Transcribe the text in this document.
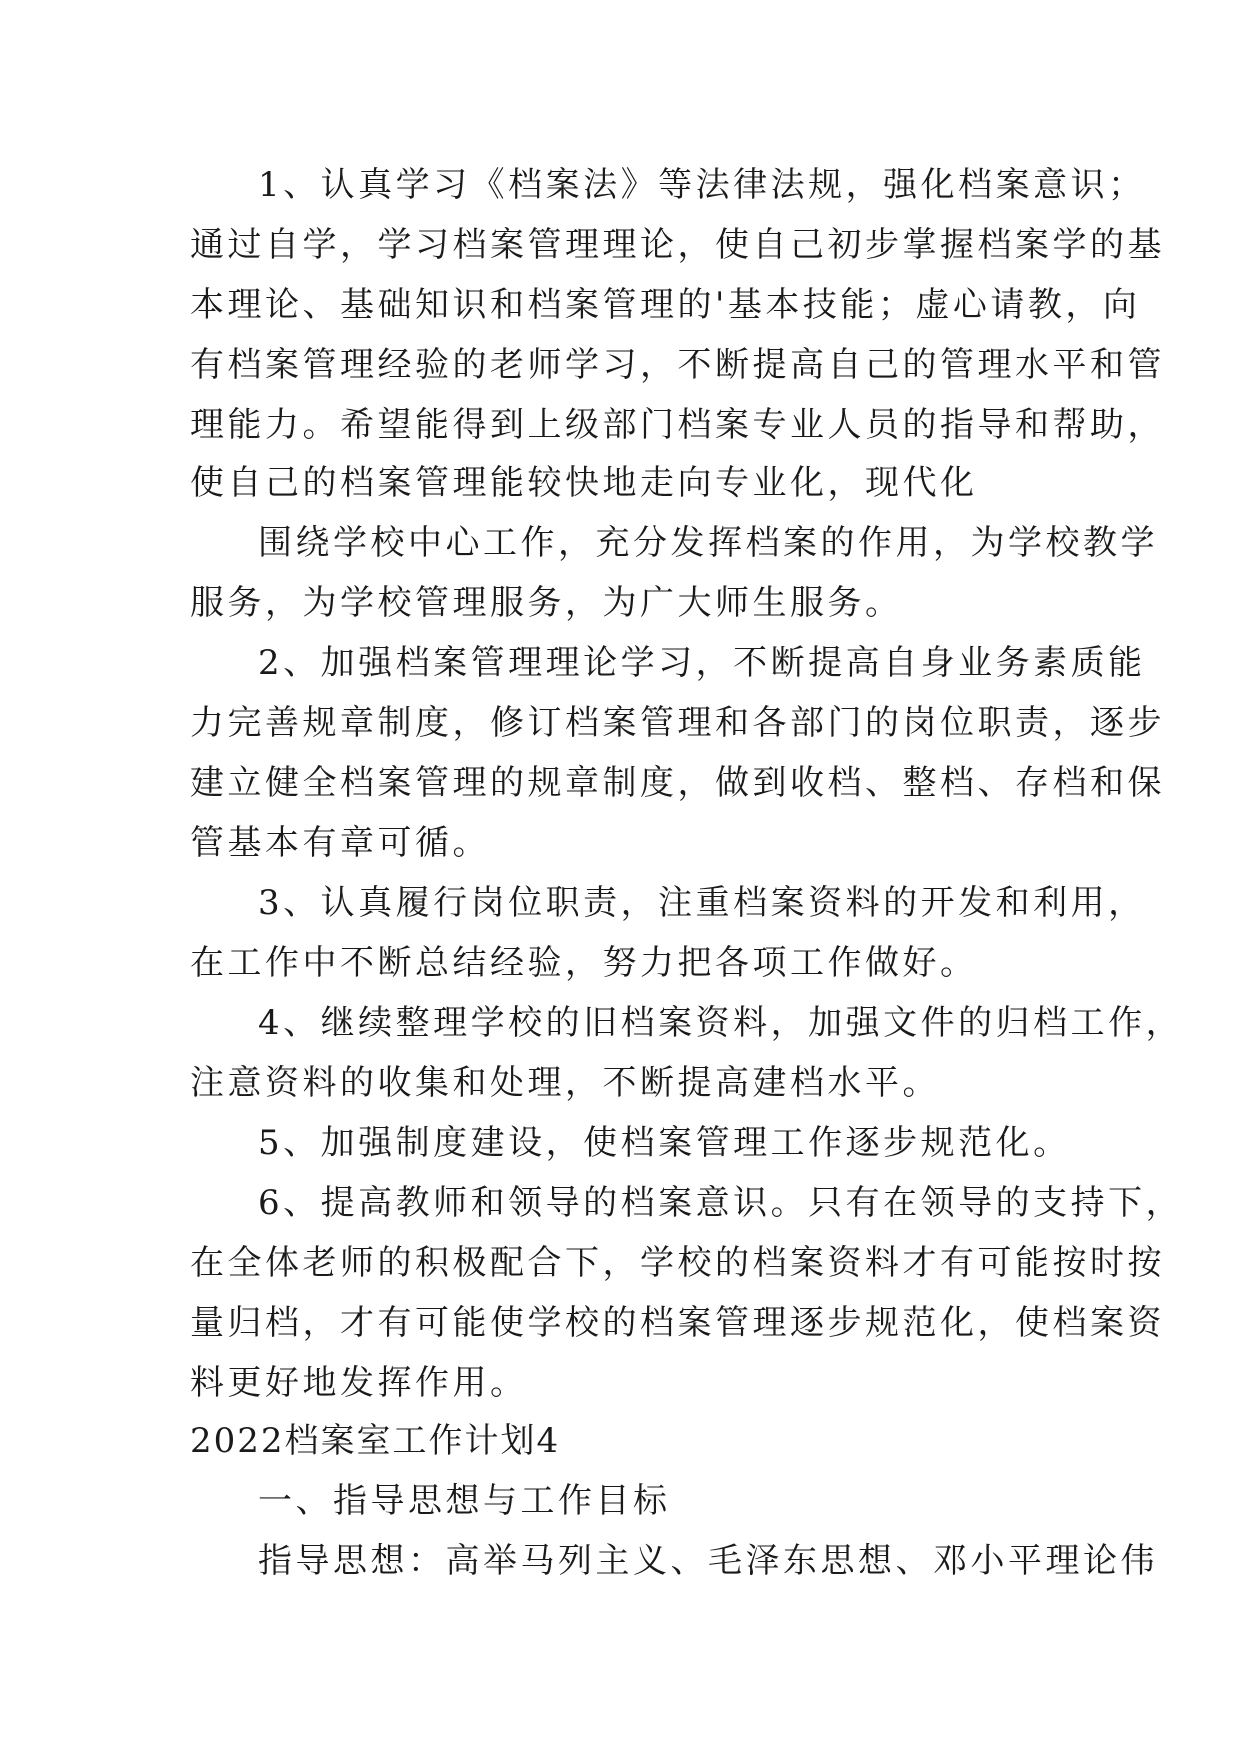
1、认真学习《档案法》等法律法规，强化档案意识；
通过自学，学习档案管理理论，使自己初步掌握档案学的基
本理论、基础知识和档案管理的'基本技能；虚心请教，向
有档案管理经验的老师学习，不断提高自己的管理水平和管
理能力。希望能得到上级部门档案专业人员的指导和帮助，
使自己的档案管理能较快地走向专业化，现代化
围绕学校中心工作，充分发挥档案的作用，为学校教学
服务，为学校管理服务，为广大师生服务。
2、加强档案管理理论学习，不断提高自身业务素质能
力完善规章制度，修订档案管理和各部门的岗位职责，逐步
建立健全档案管理的规章制度，做到收档、整档、存档和保
管基本有章可循。
3、认真履行岗位职责，注重档案资料的开发和利用，
在工作中不断总结经验，努力把各项工作做好。
4、继续整理学校的旧档案资料，加强文件的归档工作，
注意资料的收集和处理，不断提高建档水平。
5、加强制度建设，使档案管理工作逐步规范化。
6、提高教师和领导的档案意识。只有在领导的支持下，
在全体老师的积极配合下，学校的档案资料才有可能按时按
量归档，才有可能使学校的档案管理逐步规范化，使档案资
料更好地发挥作用。
2022档案室工作计划4
一、指导思想与工作目标
指导思想：高举马列主义、毛泽东思想、邓小平理论伟
